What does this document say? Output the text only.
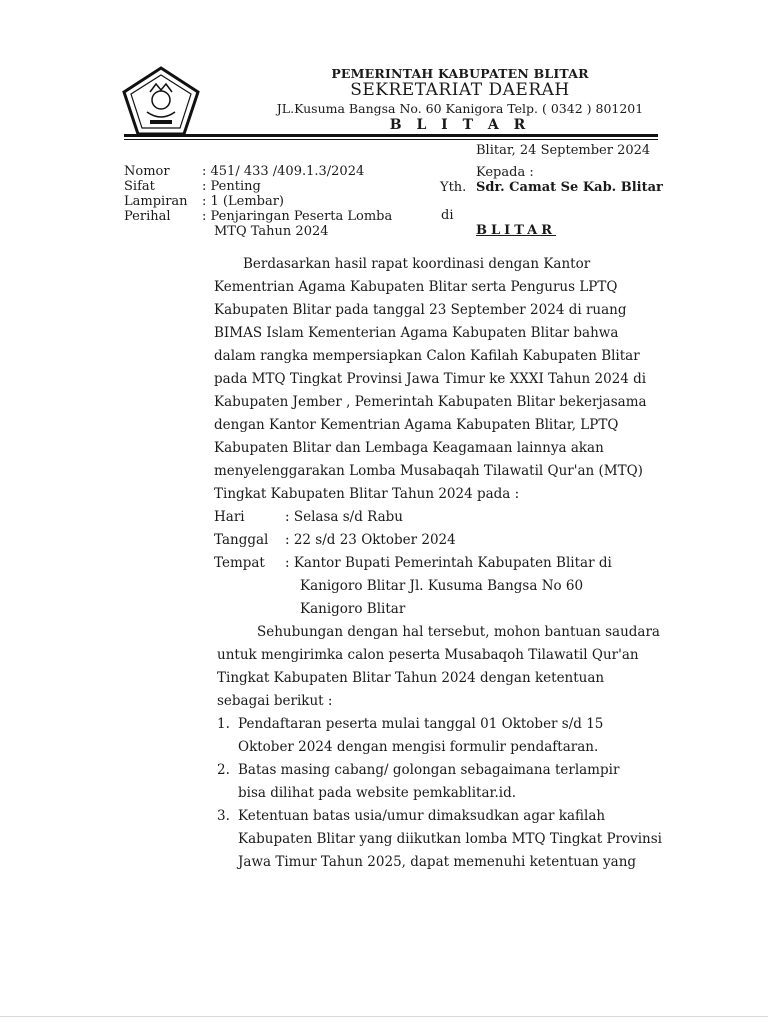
PEMERINTAH KABUPATEN BLITAR
SEKRETARIAT DAERAH
JL.Kusuma Bangsa No. 60 Kanigora Telp. ( 0342 ) 801201
B L I T A R
Blitar, 24 September 2024
Nomor : 451/ 433 /409.1.3/2024
Sifat	: Penting
Lampiran : 1 (Lembar)
Perihal : Penjaringan Peserta Lomba
MTQ Tahun 2024
Kepada :
Yth. Sdr. Camat Se Kab. Blitar
di
BLITAR
Berdasarkan hasil rapat koordinasi dengan Kantor
Kementrian Agama Kabupaten Blitar serta Pengurus LPTQ
Kabupaten Blitar pada tanggal 23 September 2024 di ruang
BIMAS Islam Kementerian Agama Kabupaten Blitar bahwa
dalam rangka mempersiapkan Calon Kafilah Kabupaten Blitar
pada MTQ Tingkat Provinsi Jawa Timur ke XXXI Tahun 2024 di
Kabupaten Jember , Pemerintah Kabupaten Blitar bekerjasama
dengan Kantor Kementrian Agama Kabupaten Blitar, LPTQ
Kabupaten Blitar dan Lembaga Keagamaan lainnya akan
menyelenggarakan Lomba Musabaqah Tilawatil Qur'an (MTQ)
Tingkat Kabupaten Blitar Tahun 2024 pada :
Hari	: Selasa s/d Rabu
Tanggal : 22 s/d 23 Oktober 2024
Tempat : Kantor Bupati Pemerintah Kabupaten Blitar di
Kanigoro Blitar Jl. Kusuma Bangsa No 60
Kanigoro Blitar
Sehubungan dengan hal tersebut, mohon bantuan saudara
untuk mengirimka calon peserta Musabaqoh Tilawatil Qur'an
Tingkat Kabupaten Blitar Tahun 2024 dengan ketentuan
sebagai berikut :
1. Pendaftaran peserta mulai tanggal 01 Oktober s/d 15
Oktober 2024 dengan mengisi formulir pendaftaran.
2. Batas masing cabang/ golongan sebagaimana terlampir
bisa dilihat pada website pemkablitar.id.
3. Ketentuan batas usia/umur dimaksudkan agar kafilah
Kabupaten Blitar yang diikutkan lomba MTQ Tingkat Provinsi
Jawa Timur Tahun 2025, dapat memenuhi ketentuan yang
